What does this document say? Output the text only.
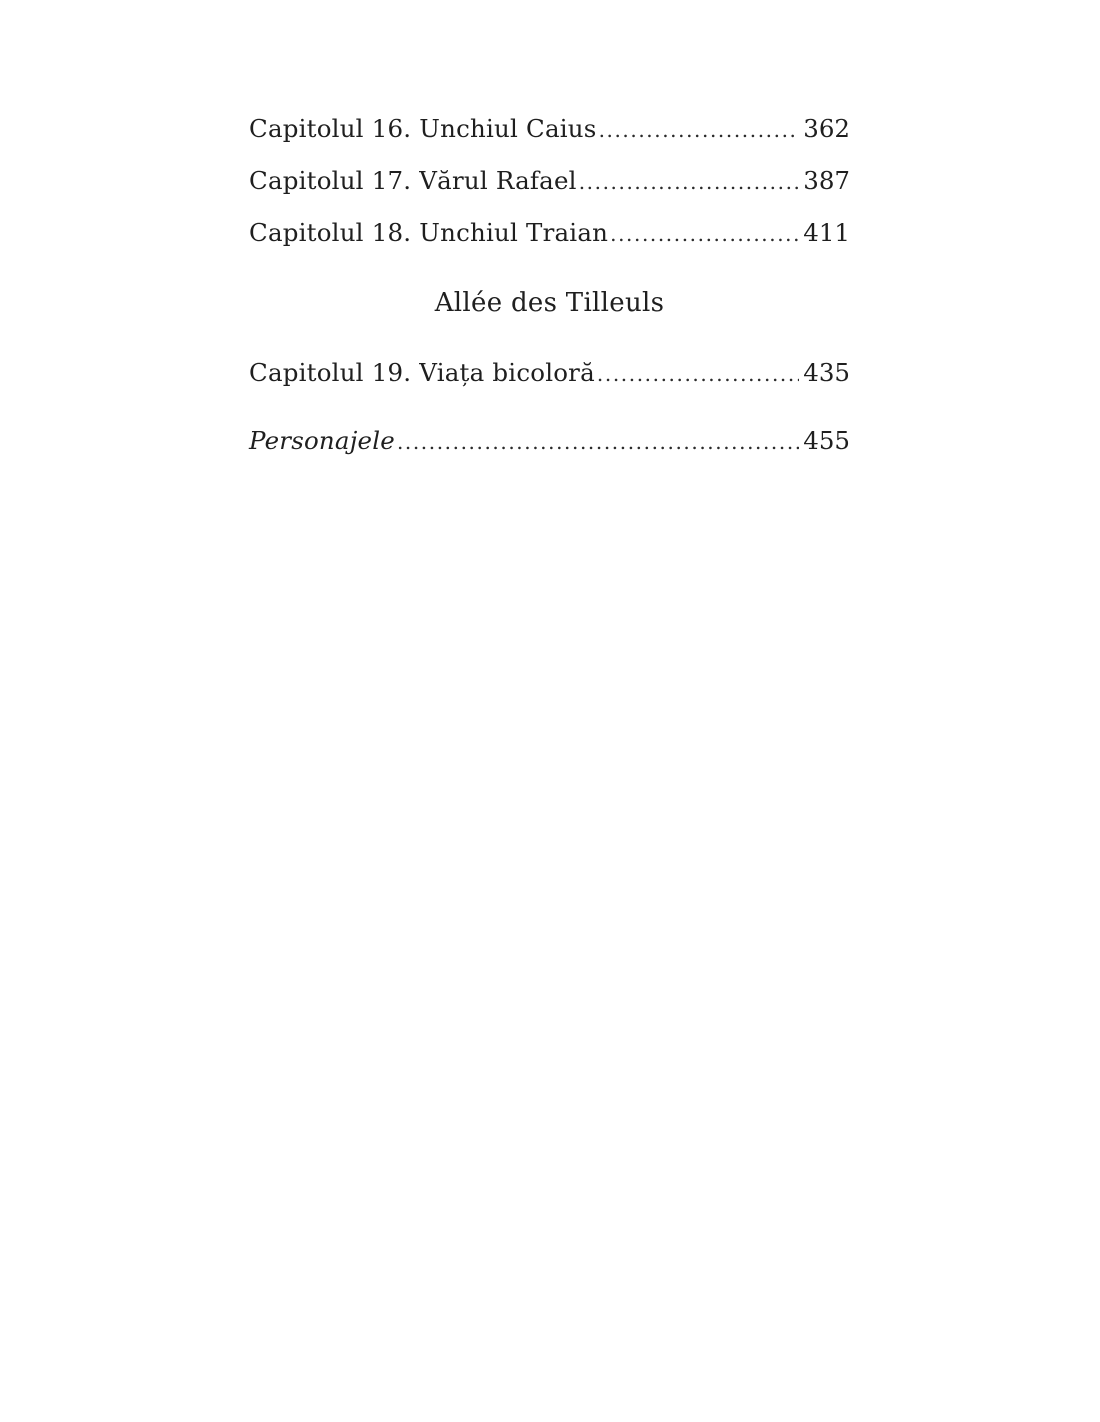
Capitolul 16. Unchiul Caius .....	362
Capitolul 17. Vărul Rafael .....	387
Capitolul 18. Unchiul Traian .....	411
Capitolul 19. Viața bicoloră .....	435
Personajele .....	455
Allée des Tilleuls
